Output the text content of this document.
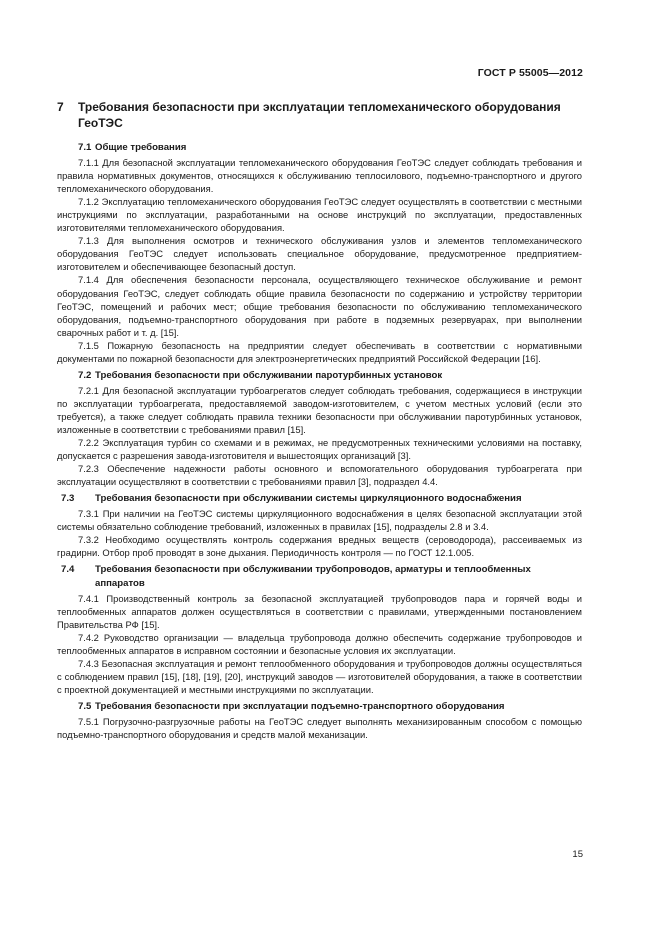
ГОСТ Р 55005—2012
7 Требования безопасности при эксплуатации тепломеханического оборудования ГеоТЭС
7.1 Общие требования

7.1.1 Для безопасной эксплуатации тепломеханического оборудования ГеоТЭС следует соблюдать требования и правила нормативных документов, относящихся к обслуживанию теплосилового, подъемно-транспортного и другого тепломеханического оборудования.

7.1.2 Эксплуатацию тепломеханического оборудования ГеоТЭС следует осуществлять в соответствии с местными инструкциями по эксплуатации, разработанными на основе инструкций по эксплуатации, предоставленных изготовителями тепломеханического оборудования.

7.1.3 Для выполнения осмотров и технического обслуживания узлов и элементов тепломеханического оборудования ГеоТЭС следует использовать специальное оборудование, предусмотренное предприятием-изготовителем и обеспечивающее безопасный доступ.

7.1.4 Для обеспечения безопасности персонала, осуществляющего техническое обслуживание и ремонт оборудования ГеоТЭС, следует соблюдать общие правила безопасности по содержанию и устройству территории ГеоТЭС, помещений и рабочих мест; общие требования безопасности по обслуживанию тепломеханического оборудования, подъемно-транспортного оборудования при работе в подземных резервуарах, при выполнении сварочных работ и т. д. [15].

7.1.5 Пожарную безопасность на предприятии следует обеспечивать в соответствии с нормативными документами по пожарной безопасности для электроэнергетических предприятий Российской Федерации [16].

7.2 Требования безопасности при обслуживании паротурбинных установок

7.2.1 Для безопасной эксплуатации турбоагрегатов следует соблюдать требования, содержащиеся в инструкции по эксплуатации турбоагрегата, предоставляемой заводом-изготовителем, с учетом местных условий (если это требуется), а также следует соблюдать правила техники безопасности при обслуживании паротурбинных установок, изложенные в соответствии с требованиями правил [15].

7.2.2 Эксплуатация турбин со схемами и в режимах, не предусмотренных техническими условиями на поставку, допускается с разрешения завода-изготовителя и вышестоящих организаций [3].

7.2.3 Обеспечение надежности работы основного и вспомогательного оборудования турбоагрегата при эксплуатации осуществляют в соответствии с требованиями правил [3], подраздел 4.4.

7.3 Требования безопасности при обслуживании системы циркуляционного водоснабжения

7.3.1 При наличии на ГеоТЭС системы циркуляционного водоснабжения в целях безопасной эксплуатации этой системы обязательно соблюдение требований, изложенных в правилах [15], подразделы 2.8 и 3.4.

7.3.2 Необходимо осуществлять контроль содержания вредных веществ (сероводорода), рассеиваемых из градирни. Отбор проб проводят в зоне дыхания. Периодичность контроля — по ГОСТ 12.1.005.

7.4 Требования безопасности при обслуживании трубопроводов, арматуры и теплообменных аппаратов

7.4.1 Производственный контроль за безопасной эксплуатацией трубопроводов пара и горячей воды и теплообменных аппаратов должен осуществляться в соответствии с правилами, утвержденными постановлением Правительства РФ [15].

7.4.2 Руководство организации — владельца трубопровода должно обеспечить содержание трубопроводов и теплообменных аппаратов в исправном состоянии и безопасные условия их эксплуатации.

7.4.3 Безопасная эксплуатация и ремонт теплообменного оборудования и трубопроводов должны осуществляться с соблюдением правил [15], [18], [19], [20], инструкций заводов — изготовителей оборудования, а также в соответствии с проектной документацией и местными инструкциями по эксплуатации.

7.5 Требования безопасности при эксплуатации подъемно-транспортного оборудования

7.5.1 Погрузочно-разгрузочные работы на ГеоТЭС следует выполнять механизированным способом с помощью подъемно-транспортного оборудования и средств малой механизации.

15
